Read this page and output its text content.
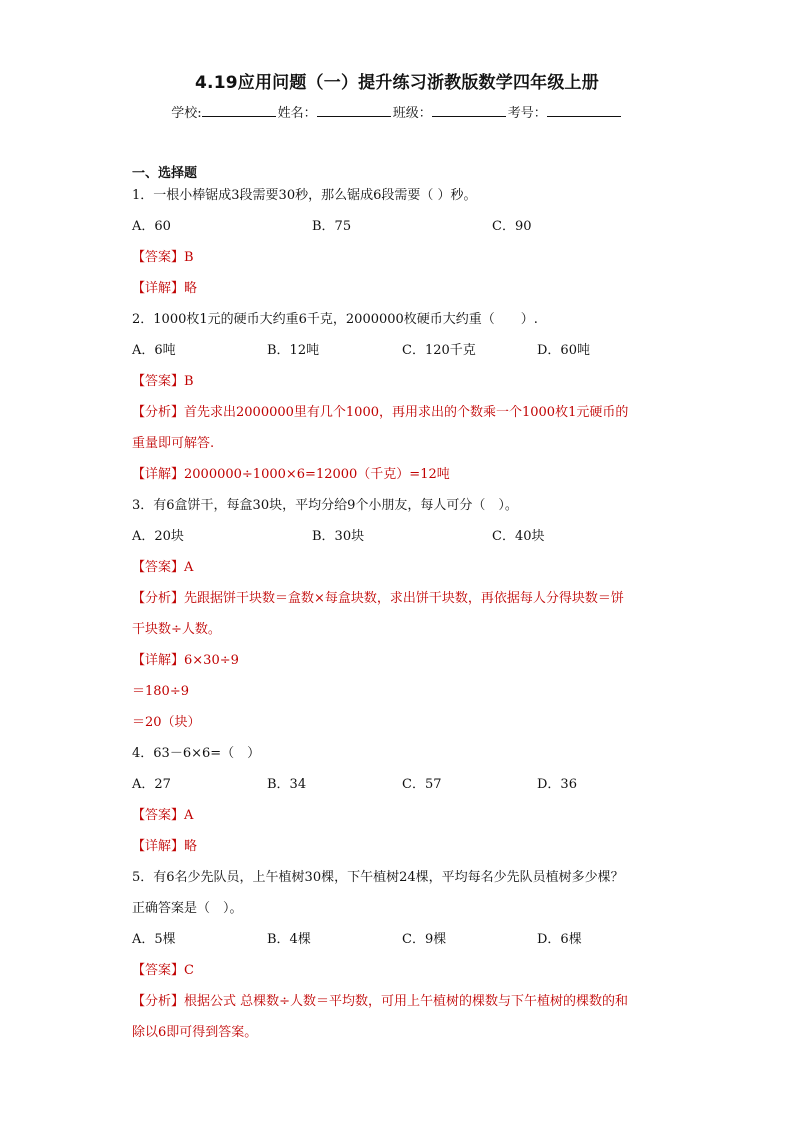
4.19应用问题（一）提升练习浙教版数学四年级上册
学校:	姓名：	班级：	考号：
一、选择题
1．一根小棒锯成3段需要30秒，那么锯成6段需要（ ）秒。
A．60	B．75	C．90
【答案】B
【详解】略
2．1000枚1元的硬币大约重6千克，2000000枚硬币大约重（　　）.
A．6吨	B．12吨	C．120千克	D．60吨
【答案】B
【分析】首先求出2000000里有几个1000，再用求出的个数乘一个1000枚1元硬币的
重量即可解答.
【详解】2000000÷1000×6=12000（千克）=12吨
3．有6盒饼干，每盒30块，平均分给9个小朋友，每人可分（　）。
A．20块	B．30块	C．40块
【答案】A
【分析】先跟据饼干块数＝盒数×每盒块数，求出饼干块数，再依据每人分得块数＝饼
干块数÷人数。
【详解】6×30÷9
＝180÷9
＝20（块）
4．63－6×6=（　）
A．27	B．34	C．57	D．36
【答案】A
【详解】略
5．有6名少先队员，上午植树30棵，下午植树24棵，平均每名少先队员植树多少棵？
正确答案是（　）。
A．5棵	B．4棵	C．9棵	D．6棵
【答案】C
【分析】根据公式 总棵数÷人数＝平均数，可用上午植树的棵数与下午植树的棵数的和
除以6即可得到答案。
